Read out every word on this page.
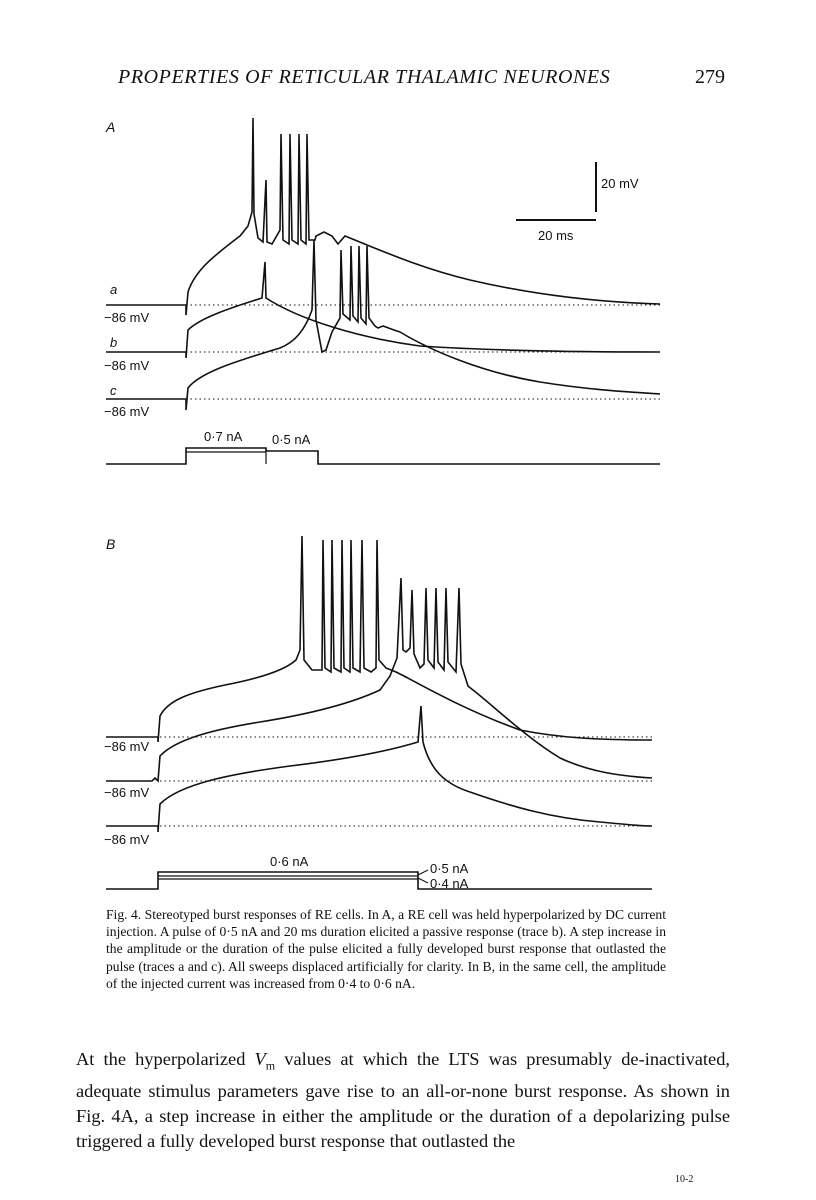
PROPERTIES OF RETICULAR THALAMIC NEURONES	279
A
20 mV
20 ms
a
b
c
−86 mV
−86 mV
−86 mV
0·7 nA 0·5 nA
B
−86 mV
−86 mV
−86 mV
0·6 nA	0·5 nA
0·4 nA
Fig. 4. Stereotyped burst responses of RE cells. In A, a RE cell was held hyperpolarized by DC current injection. A pulse of 0·5 nA and 20 ms duration elicited a passive response (trace b). A step increase in the amplitude or the duration of the pulse elicited a fully developed burst response that outlasted the pulse (traces a and c). All sweeps displaced artificially for clarity. In B, in the same cell, the amplitude of the injected current was increased from 0·4 to 0·6 nA.

At the hyperpolarized $V_m$ values at which the LTS was presumably de-inactivated, adequate stimulus parameters gave rise to an all-or-none burst response. As shown in Fig. 4A, a step increase in either the amplitude or the duration of a depolarizing pulse triggered a fully developed burst response that outlasted the

10-2
